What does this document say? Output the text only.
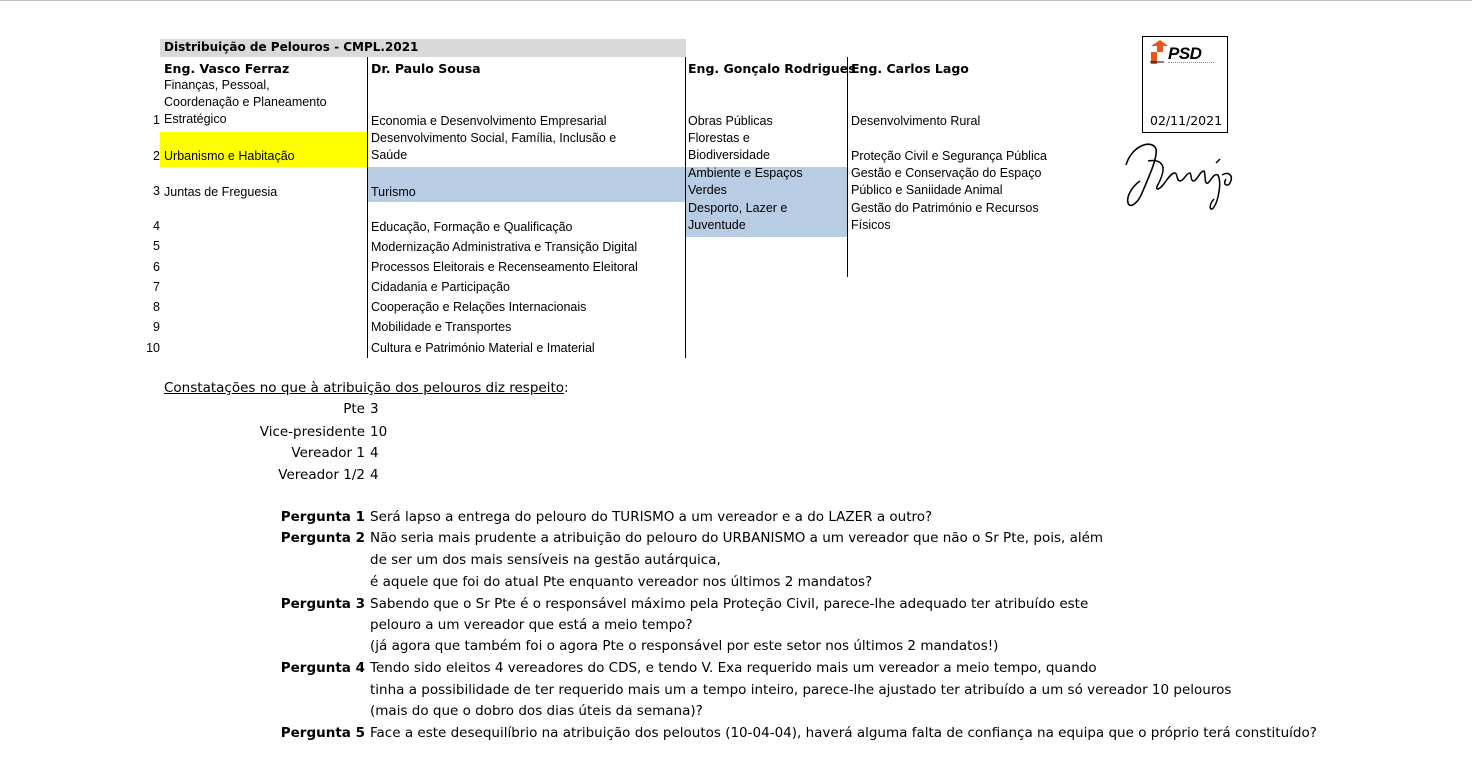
Distribuição de Pelouros - CMPL.2021
Eng. Vasco Ferraz	Dr. Paulo Sousa	Eng. Gonçalo Rodrigues
Eng. Carlos Lago
1
2
3
4
5
6
7
8
9
10
Finanças, Pessoal,
Coordenação e Planeamento
Estratégico
Urbanismo e Habitação
Juntas de Freguesia
Economia e Desenvolvimento Empresarial
Desenvolvimento Social, Família, Inclusão e
Saúde
Turismo
Educação, Formação e Qualificação
Modernização Administrativa e Transição Digital
Processos Eleitorais e Recenseamento Eleitoral
Cidadania e Participação
Cooperação e Relações Internacionais
Mobilidade e Transportes
Cultura e Património Material e Imaterial
Obras Públicas
Florestas e
Biodiversidade
Ambiente e Espaços
Verdes
Desporto, Lazer e
Juventude
Desenvolvimento Rural
Proteção Civil e Segurança Pública
Gestão e Conservação do Espaço
Público e Saniidade Animal
Gestão do Património e Recursos
Físicos
PSD
02/11/2021
Constatações no que à atribuição dos pelouros diz respeito:
Pte 3
Vice-presidente 10
Vereador 1 4
Vereador 1/2 4
Pergunta 1 Será lapso a entrega do pelouro do TURISMO a um vereador e a do LAZER a outro?
Pergunta 2 Não seria mais prudente a atribuição do pelouro do URBANISMO a um vereador que não o Sr Pte, pois, além
de ser um dos mais sensíveis na gestão autárquica,
é aquele que foi do atual Pte enquanto vereador nos últimos 2 mandatos?
Pergunta 3 Sabendo que o Sr Pte é o responsável máximo pela Proteção Civil, parece-lhe adequado ter atribuído este
pelouro a um vereador que está a meio tempo?
(já agora que também foi o agora Pte o responsável por este setor nos últimos 2 mandatos!)
Pergunta 4 Tendo sido eleitos 4 vereadores do CDS, e tendo V. Exa requerido mais um vereador a meio tempo, quando
tinha a possibilidade de ter requerido mais um a tempo inteiro, parece-lhe ajustado ter atribuído a um só vereador 10 pelouros
(mais do que o dobro dos dias úteis da semana)?
Pergunta 5 Face a este desequilíbrio na atribuição dos peloutos (10-04-04), haverá alguma falta de confiança na equipa que o próprio terá constituído?
